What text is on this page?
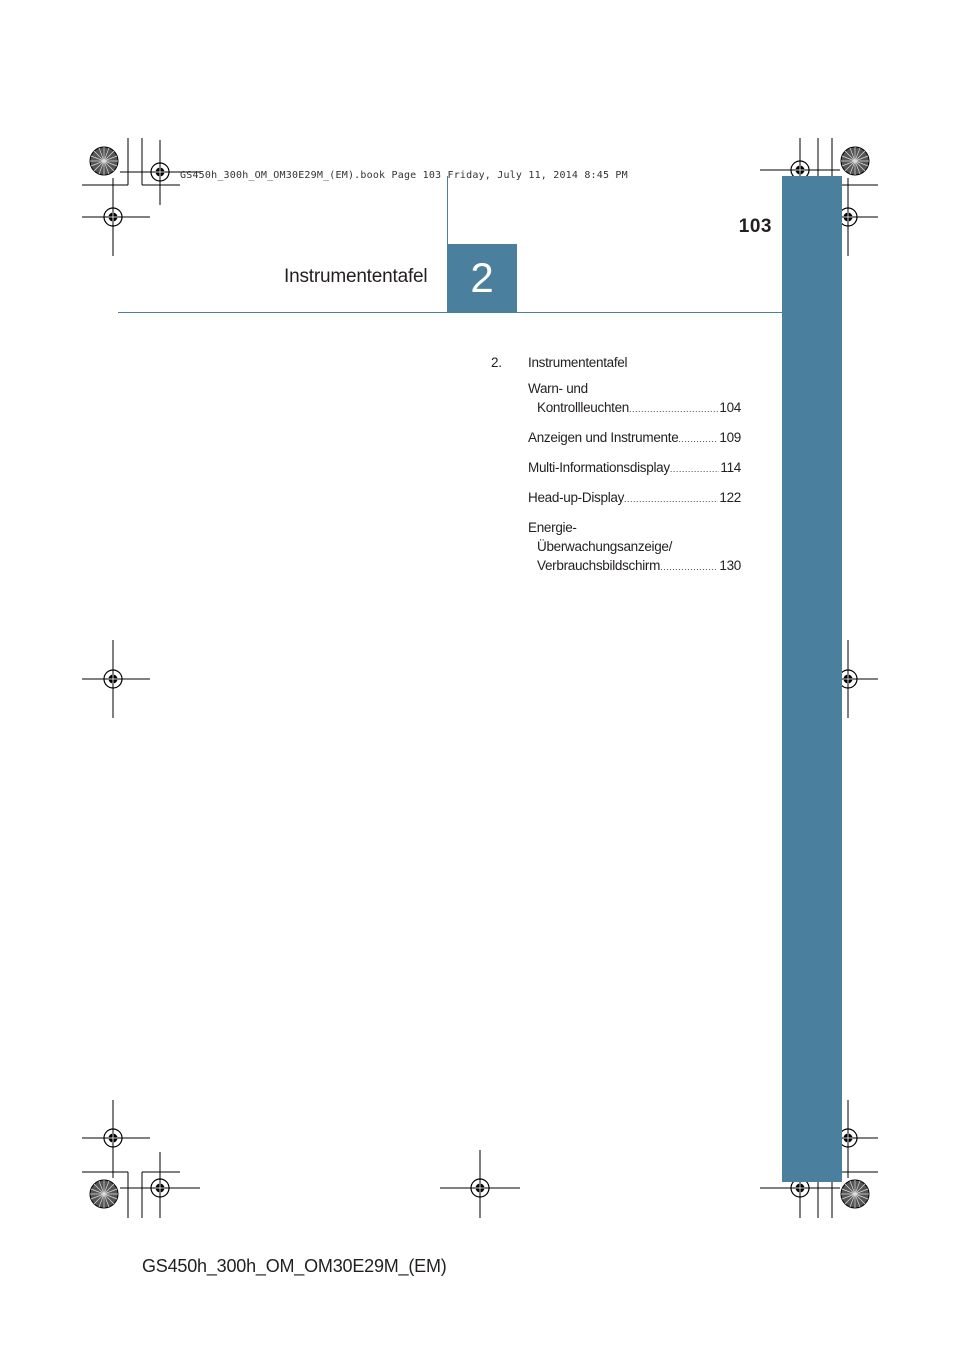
GS450h_300h_OM_OM30E29M_(EM).book Page 103 Friday, July 11, 2014 8:45 PM
103
Instrumententafel 2
2.	Instrumententafel
Warn- und
Kontrollleuchten .....	104
Anzeigen und Instrumente .....	109
Multi-Informationsdisplay .....	114
Head-up-Display .....	122
Energie-
Überwachungsanzeige/
Verbrauchsbildschirm .....	130
GS450h_300h_OM_OM30E29M_(EM)
